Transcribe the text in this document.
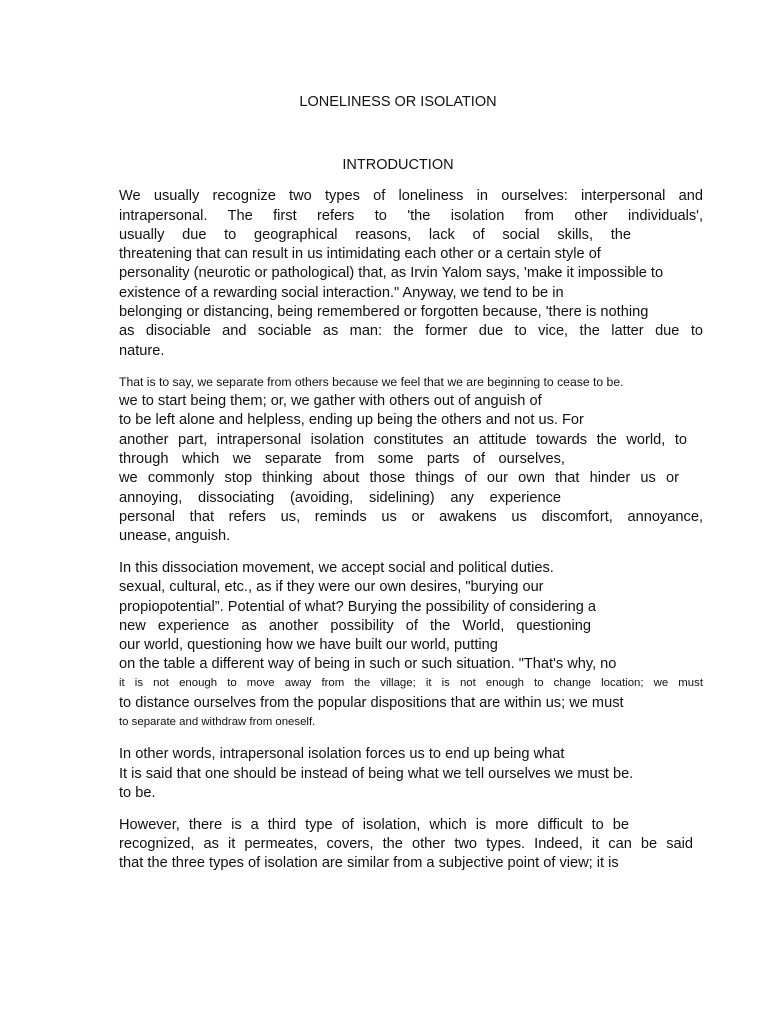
LONELINESS OR ISOLATION
INTRODUCTION
We usually recognize two types of loneliness in ourselves: interpersonal and
intrapersonal. The first refers to 'the isolation from other individuals',
usually due to geographical reasons, lack of social skills, the
threatening that can result in us intimidating each other or a certain style of
personality (neurotic or pathological) that, as Irvin Yalom says, 'make it impossible to
existence of a rewarding social interaction." Anyway, we tend to be in
belonging or distancing, being remembered or forgotten because, 'there is nothing
as disociable and sociable as man: the former due to vice, the latter due to
nature.
That is to say, we separate from others because we feel that we are beginning to cease to be.
we to start being them; or, we gather with others out of anguish of
to be left alone and helpless, ending up being the others and not us. For
another part, intrapersonal isolation constitutes an attitude towards the world, to
through which we separate from some parts of ourselves,
we commonly stop thinking about those things of our own that hinder us or
annoying, dissociating (avoiding, sidelining) any experience
personal that refers us, reminds us or awakens us discomfort, annoyance,
unease, anguish.
In this dissociation movement, we accept social and political duties.
sexual, cultural, etc., as if they were our own desires, "burying our
propiopotential”. Potential of what? Burying the possibility of considering a
new experience as another possibility of the World, questioning
our world, questioning how we have built our world, putting
on the table a different way of being in such or such situation. "That's why, no
it is not enough to move away from the village; it is not enough to change location; we must
to distance ourselves from the popular dispositions that are within us; we must
to separate and withdraw from oneself.
In other words, intrapersonal isolation forces us to end up being what
It is said that one should be instead of being what we tell ourselves we must be.
to be.
However, there is a third type of isolation, which is more difficult to be
recognized, as it permeates, covers, the other two types. Indeed, it can be said
that the three types of isolation are similar from a subjective point of view; it is
